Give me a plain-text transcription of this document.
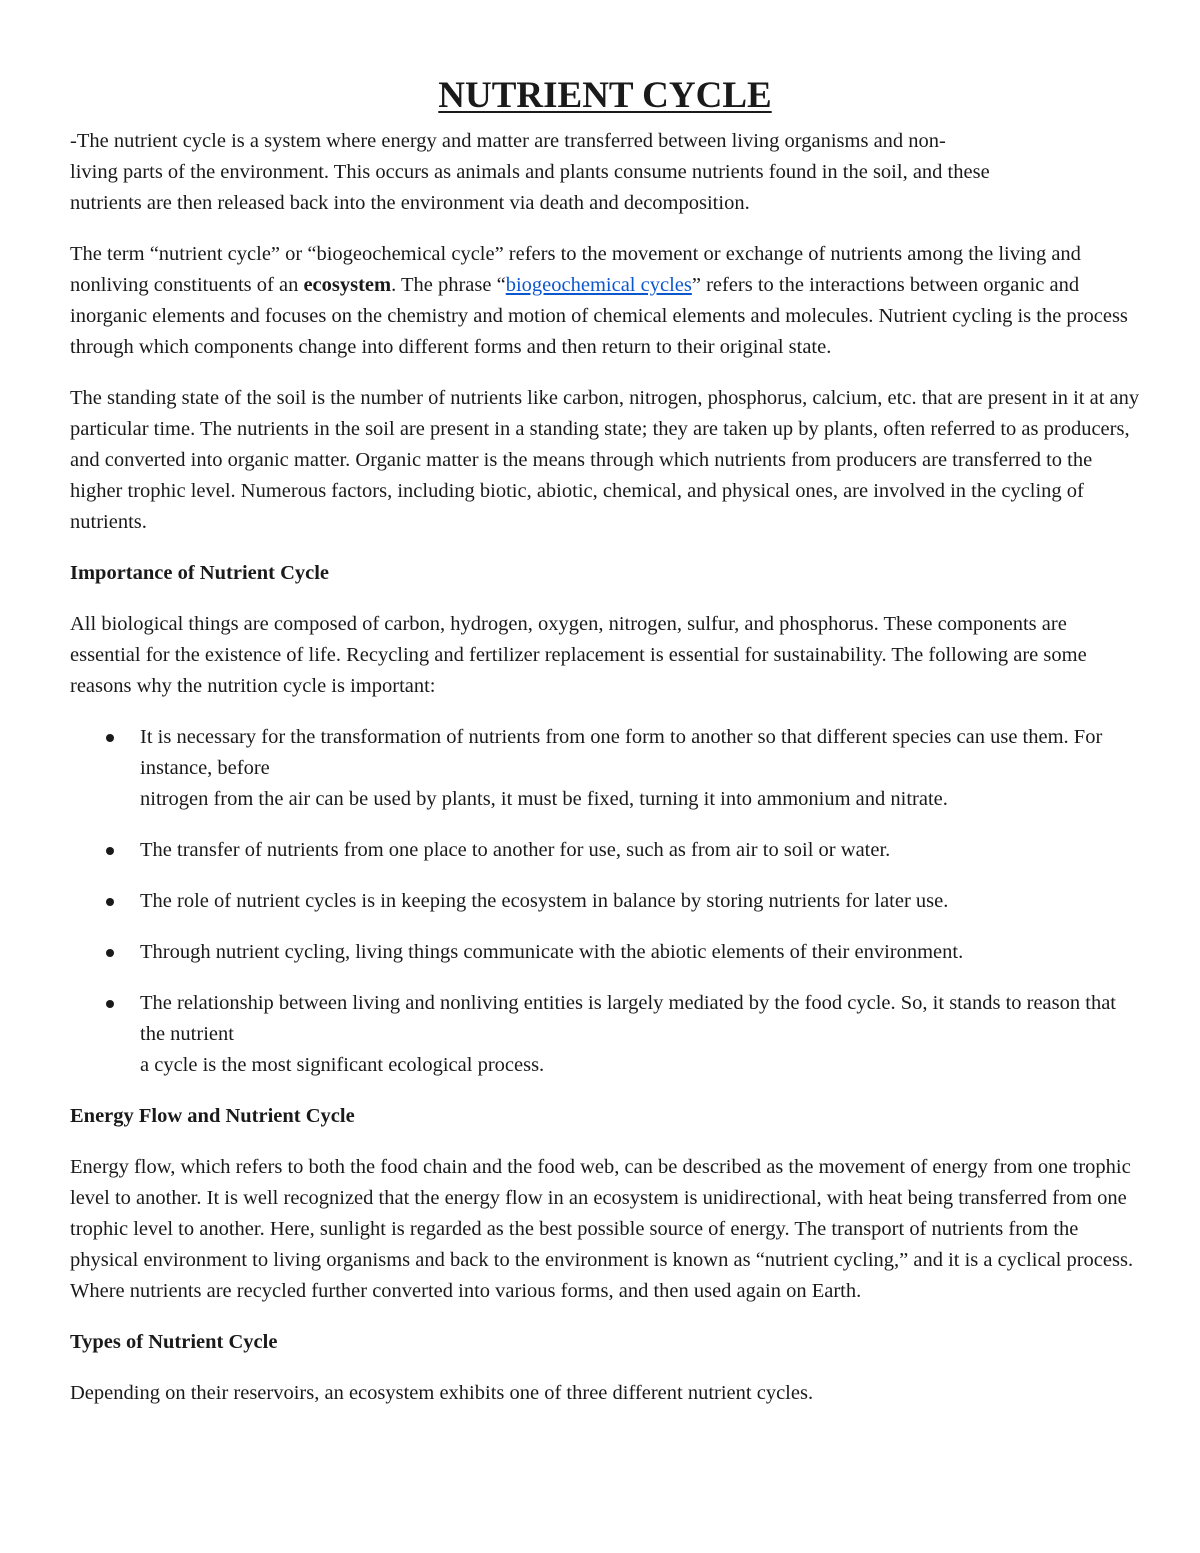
NUTRIENT CYCLE

-The nutrient cycle is a system where energy and matter are transferred between living organisms and non-
living parts of the environment. This occurs as animals and plants consume nutrients found in the soil, and these
nutrients are then released back into the environment via death and decomposition.

The term “nutrient cycle” or “biogeochemical cycle” refers to the movement or exchange of nutrients among the living and nonliving constituents of an ecosystem. The phrase “biogeochemical cycles” refers to the interactions between organic and inorganic elements and focuses on the chemistry and motion of chemical elements and molecules. Nutrient cycling is the process through which components change into different forms and then return to their original state.

The standing state of the soil is the number of nutrients like carbon, nitrogen, phosphorus, calcium, etc. that are present in it at any particular time. The nutrients in the soil are present in a standing state; they are taken up by plants, often referred to as producers, and converted into organic matter. Organic matter is the means through which nutrients from producers are transferred to the higher trophic level. Numerous factors, including biotic, abiotic, chemical, and physical ones, are involved in the cycling of nutrients.

Importance of Nutrient Cycle

All biological things are composed of carbon, hydrogen, oxygen, nitrogen, sulfur, and phosphorus. These components are essential for the existence of life. Recycling and fertilizer replacement is essential for sustainability. The following are some reasons why the nutrition cycle is important:

It is necessary for the transformation of nutrients from one form to another so that different species can use them. For instance, before
nitrogen from the air can be used by plants, it must be fixed, turning it into ammonium and nitrate.
The transfer of nutrients from one place to another for use, such as from air to soil or water.
The role of nutrient cycles is in keeping the ecosystem in balance by storing nutrients for later use.
Through nutrient cycling, living things communicate with the abiotic elements of their environment.
The relationship between living and nonliving entities is largely mediated by the food cycle. So, it stands to reason that the nutrient
a cycle is the most significant ecological process.
Energy Flow and Nutrient Cycle

Energy flow, which refers to both the food chain and the food web, can be described as the movement of energy from one trophic level to another. It is well recognized that the energy flow in an ecosystem is unidirectional, with heat being transferred from one trophic level to another. Here, sunlight is regarded as the best possible source of energy. The transport of nutrients from the physical environment to living organisms and back to the environment is known as “nutrient cycling,” and it is a cyclical process. Where nutrients are recycled further converted into various forms, and then used again on Earth.

Types of Nutrient Cycle

Depending on their reservoirs, an ecosystem exhibits one of three different nutrient cycles.
